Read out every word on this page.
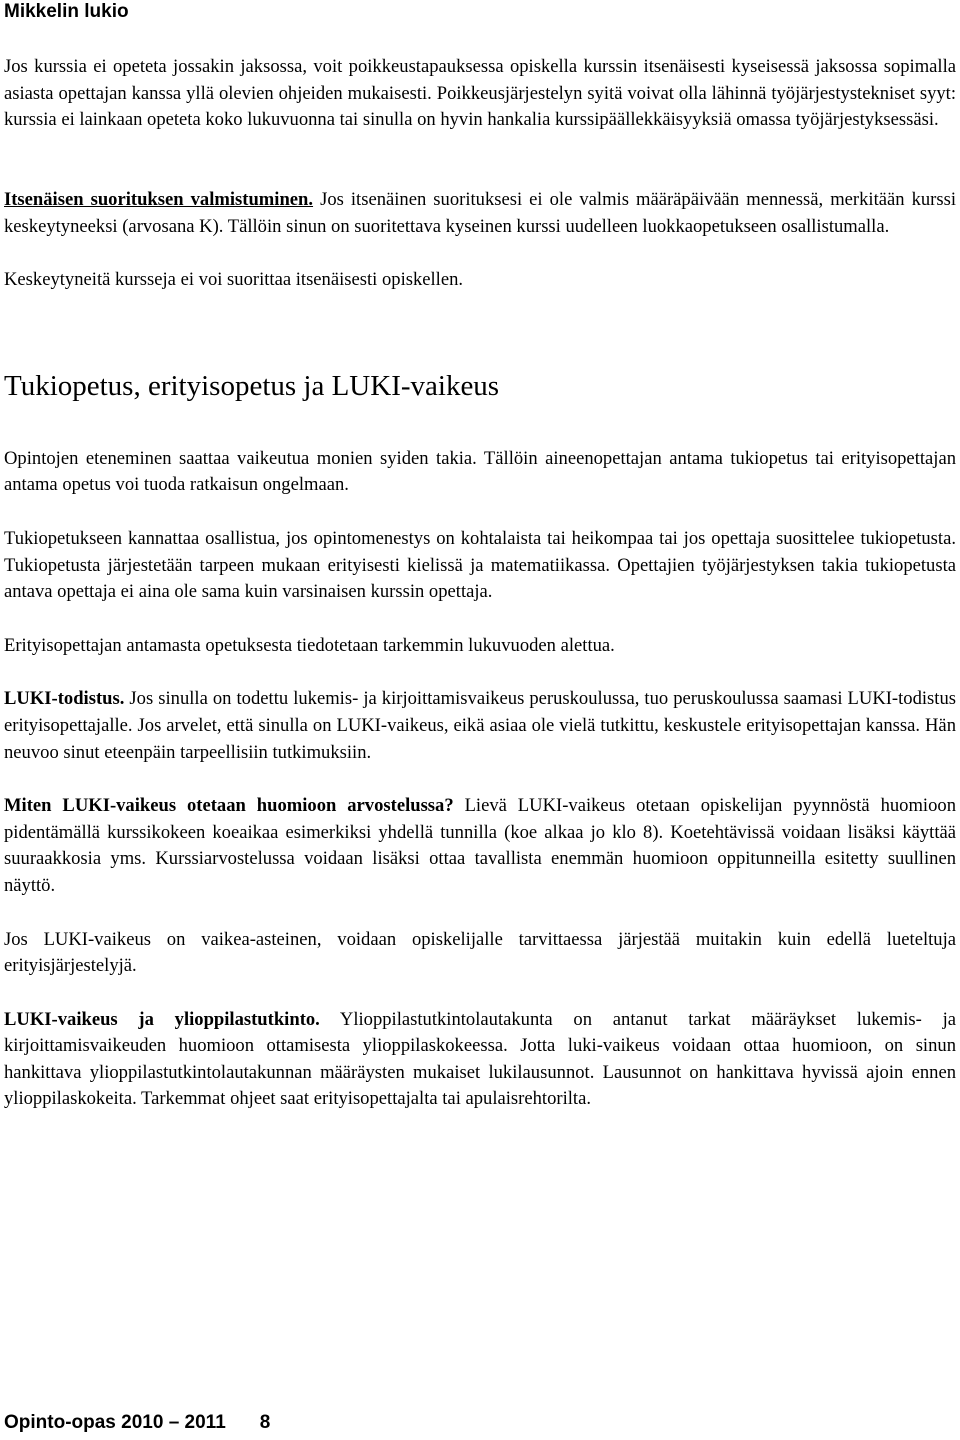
Mikkelin lukio

Jos kurssia ei opeteta jossakin jaksossa, voit poikkeustapauksessa opiskella kurssin itsenäisesti kyseisessä jaksossa sopimalla asiasta opettajan kanssa yllä olevien ohjeiden mukaisesti. Poikkeusjärjestelyn syitä voivat olla lähinnä työjärjestystekniset syyt: kurssia ei lainkaan opeteta koko lukuvuonna tai sinulla on hyvin hankalia kurssipäällekkäisyyksiä omassa työjärjestyksessäsi.

Itsenäisen suorituksen valmistuminen. Jos itsenäinen suorituksesi ei ole valmis määräpäivään mennessä, merkitään kurssi keskeytyneeksi (arvosana K). Tällöin sinun on suoritettava kyseinen kurssi uudelleen luokkaopetukseen osallistumalla.

Keskeytyneitä kursseja ei voi suorittaa itsenäisesti opiskellen.

Tukiopetus, erityisopetus ja LUKI-vaikeus

Opintojen eteneminen saattaa vaikeutua monien syiden takia. Tällöin aineenopettajan antama tukiopetus tai erityisopettajan antama opetus voi tuoda ratkaisun ongelmaan.

Tukiopetukseen kannattaa osallistua, jos opintomenestys on kohtalaista tai heikompaa tai jos opettaja suosittelee tukiopetusta. Tukiopetusta järjestetään tarpeen mukaan erityisesti kielissä ja matematiikassa. Opettajien työjärjestyksen takia tukiopetusta antava opettaja ei aina ole sama kuin varsinaisen kurssin opettaja.

Erityisopettajan antamasta opetuksesta tiedotetaan tarkemmin lukuvuoden alettua.

LUKI-todistus. Jos sinulla on todettu lukemis- ja kirjoittamisvaikeus peruskoulussa, tuo peruskoulussa saamasi LUKI-todistus erityisopettajalle. Jos arvelet, että sinulla on LUKI-vaikeus, eikä asiaa ole vielä tutkittu, keskustele erityisopettajan kanssa. Hän neuvoo sinut eteenpäin tarpeellisiin tutkimuksiin.

Miten LUKI-vaikeus otetaan huomioon arvostelussa? Lievä LUKI-vaikeus otetaan opiskelijan pyynnöstä huomioon pidentämällä kurssikokeen koeaikaa esimerkiksi yhdellä tunnilla (koe alkaa jo klo 8). Koetehtävissä voidaan lisäksi käyttää suuraakkosia yms. Kurssiarvostelussa voidaan lisäksi ottaa tavallista enemmän huomioon oppitunneilla esitetty suullinen näyttö.

Jos LUKI-vaikeus on vaikea-asteinen, voidaan opiskelijalle tarvittaessa järjestää muitakin kuin edellä lueteltuja erityisjärjestelyjä.

LUKI-vaikeus ja ylioppilastutkinto. Ylioppilastutkintolautakunta on antanut tarkat määräykset lukemis- ja kirjoittamisvaikeuden huomioon ottamisesta ylioppilaskokeessa. Jotta luki-vaikeus voidaan ottaa huomioon, on sinun hankittava ylioppilastutkintolautakunnan määräysten mukaiset lukilausunnot. Lausunnot on hankittava hyvissä ajoin ennen ylioppilaskokeita. Tarkemmat ohjeet saat erityisopettajalta tai apulaisrehtorilta.

Opinto-opas 2010 – 2011 8
